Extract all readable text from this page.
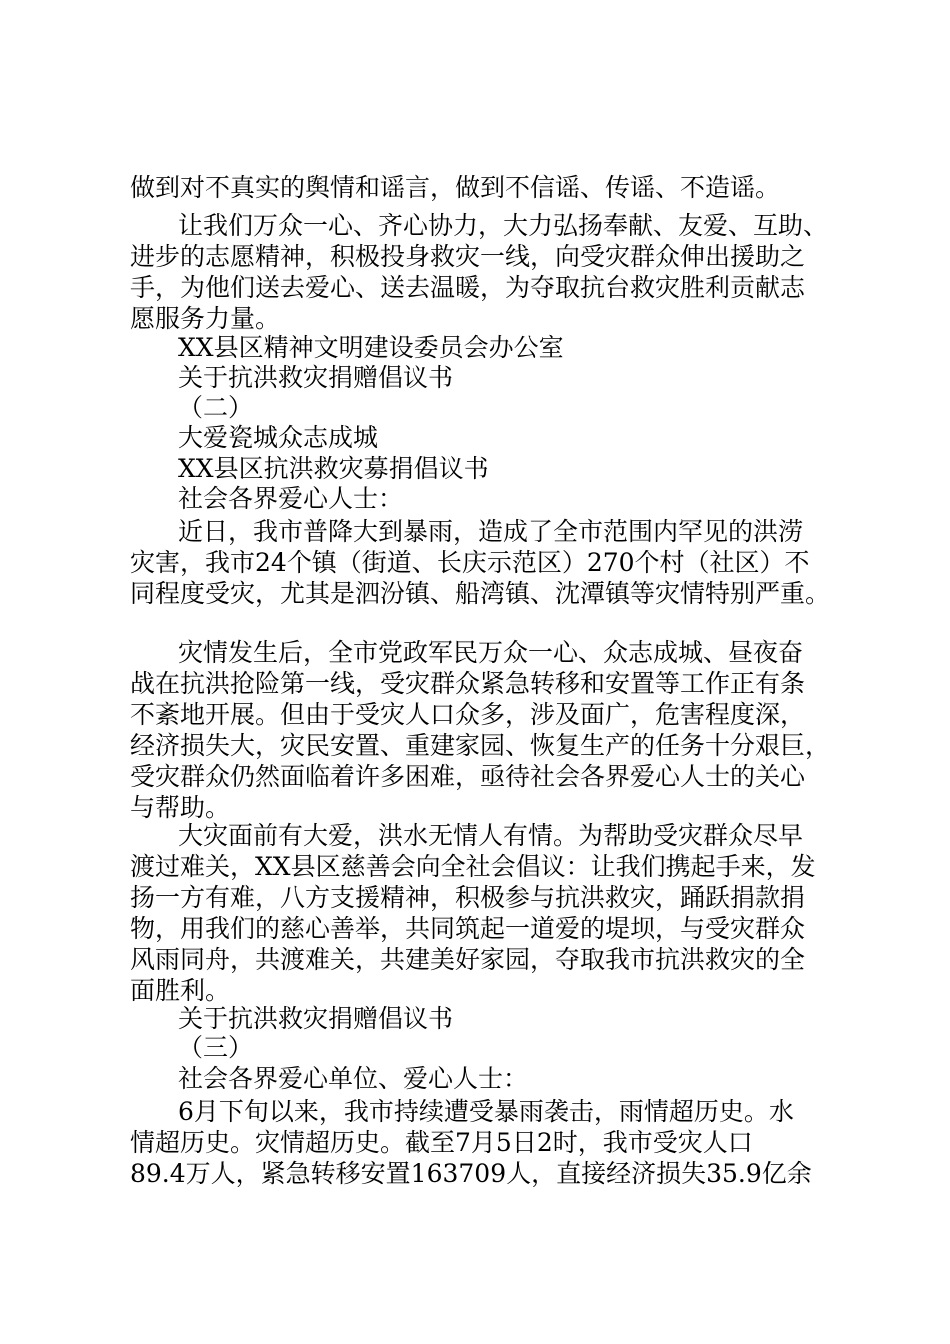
做到对不真实的舆情和谣言，做到不信谣、传谣、不造谣。
让我们万众一心、齐心协力，大力弘扬奉献、友爱、互助、
进步的志愿精神，积极投身救灾一线，向受灾群众伸出援助之
手，为他们送去爱心、送去温暖，为夺取抗台救灾胜利贡献志
愿服务力量。
XX县区精神文明建设委员会办公室
关于抗洪救灾捐赠倡议书
（二）
大爱瓷城众志成城
XX县区抗洪救灾募捐倡议书
社会各界爱心人士：
近日，我市普降大到暴雨，造成了全市范围内罕见的洪涝
灾害，我市24个镇（街道、长庆示范区）270个村（社区）不
同程度受灾，尤其是泗汾镇、船湾镇、沈潭镇等灾情特别严重。
灾情发生后，全市党政军民万众一心、众志成城、昼夜奋
战在抗洪抢险第一线，受灾群众紧急转移和安置等工作正有条
不紊地开展。但由于受灾人口众多，涉及面广，危害程度深，
经济损失大，灾民安置、重建家园、恢复生产的任务十分艰巨，
受灾群众仍然面临着许多困难，亟待社会各界爱心人士的关心
与帮助。
大灾面前有大爱，洪水无情人有情。为帮助受灾群众尽早
渡过难关，XX县区慈善会向全社会倡议：让我们携起手来，发
扬一方有难，八方支援精神，积极参与抗洪救灾，踊跃捐款捐
物，用我们的慈心善举，共同筑起一道爱的堤坝，与受灾群众
风雨同舟，共渡难关，共建美好家园，夺取我市抗洪救灾的全
面胜利。
关于抗洪救灾捐赠倡议书
（三）
社会各界爱心单位、爱心人士：
6月下旬以来，我市持续遭受暴雨袭击，雨情超历史。水
情超历史。灾情超历史。截至7月5日2时，我市受灾人口
89.4万人，紧急转移安置163709人，直接经济损失35.9亿余
